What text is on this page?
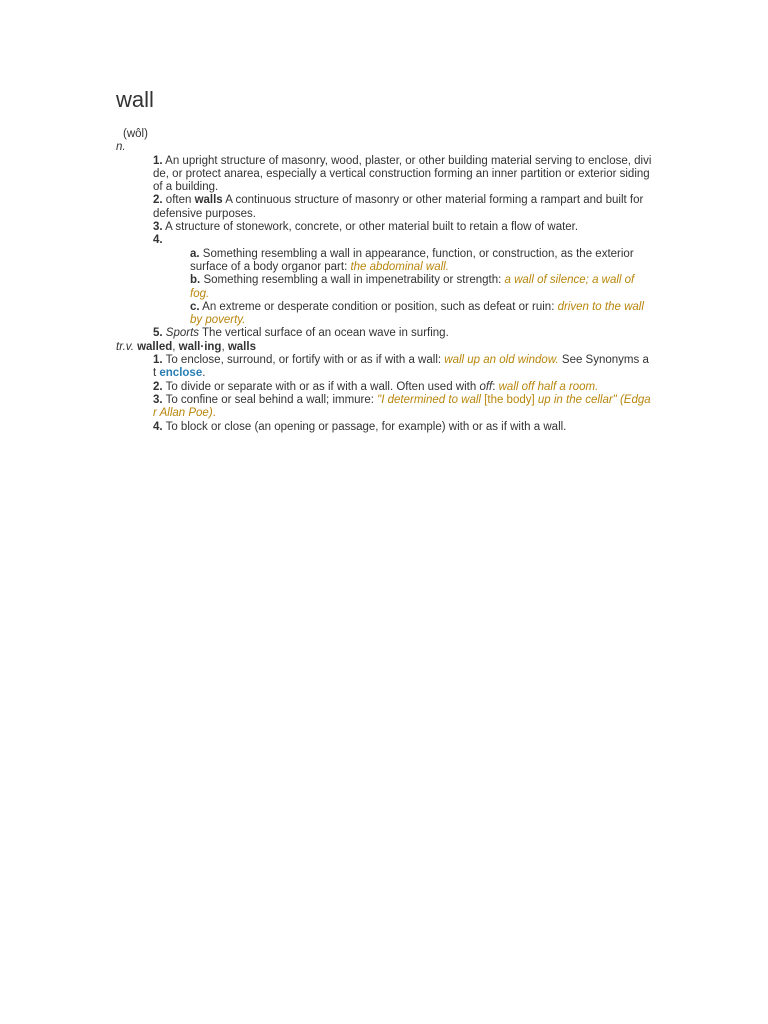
wall
(wôl)
n.
1. An upright structure of masonry, wood, plaster, or other building material serving to enclose, divide, or protect anarea, especially a vertical construction forming an inner partition or exterior siding of a building.
2. often walls A continuous structure of masonry or other material forming a rampart and built for defensive purposes.
3. A structure of stonework, concrete, or other material built to retain a flow of water.
4.
a. Something resembling a wall in appearance, function, or construction, as the exterior surface of a body organor part: the abdominal wall.
b. Something resembling a wall in impenetrability or strength: a wall of silence; a wall of fog.
c. An extreme or desperate condition or position, such as defeat or ruin: driven to the wall by poverty.
5. Sports The vertical surface of an ocean wave in surfing.
tr.v. walled, wall·ing, walls
1. To enclose, surround, or fortify with or as if with a wall: wall up an old window. See Synonyms at enclose.
2. To divide or separate with or as if with a wall. Often used with off: wall off half a room.
3. To confine or seal behind a wall; immure: "I determined to wall [the body] up in the cellar" (Edgar Allan Poe).
4. To block or close (an opening or passage, for example) with or as if with a wall.
